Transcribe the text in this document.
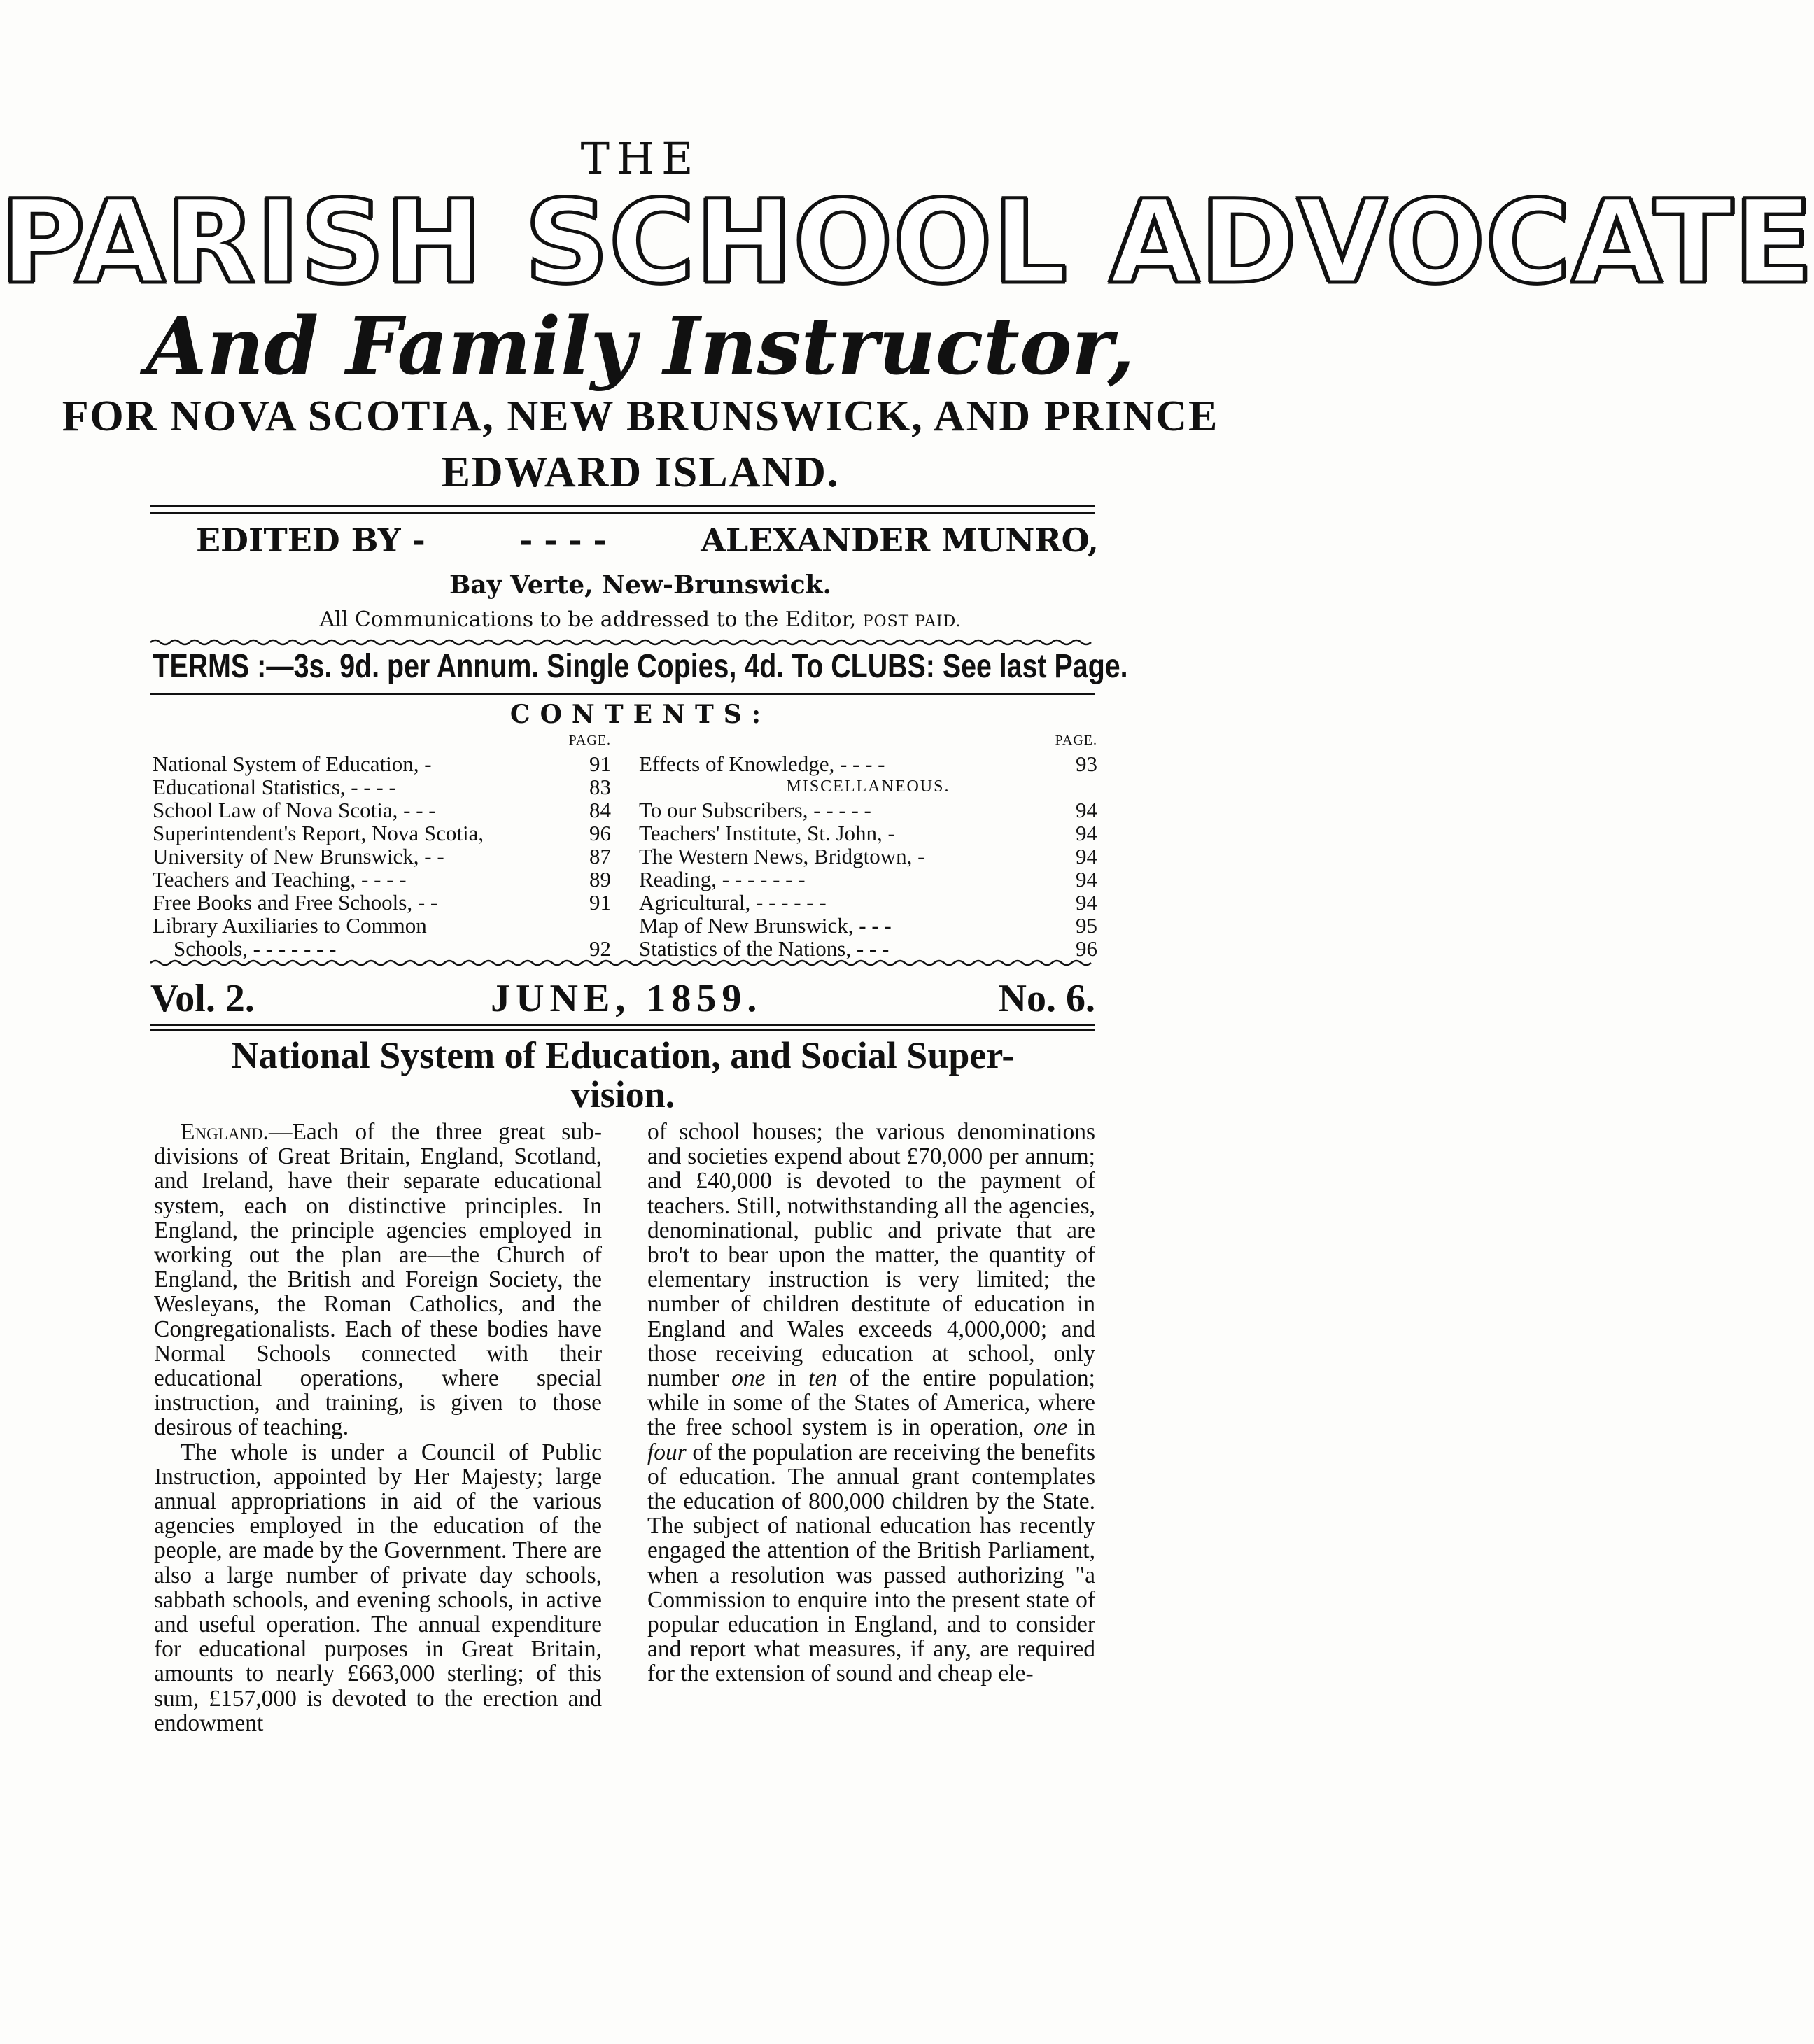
THE
PARISH SCHOOL ADVOCATE
And Family Instructor,
FOR NOVA SCOTIA, NEW BRUNSWICK, AND PRINCE
EDWARD ISLAND.
EDITED BY -	- - - -	ALEXANDER MUNRO,
Bay Verte, New-Brunswick.
All Communications to be addressed to the Editor, POST PAID.
TERMS :—3s. 9d. per Annum. Single Copies, 4d. To CLUBS: See last Page.
CONTENTS:
PAGE.
National System of Education, -	91
Educational Statistics, - - - -	83
School Law of Nova Scotia, - - -	84
Superintendent's Report, Nova Scotia,	96
University of New Brunswick, - -	87
Teachers and Teaching, - - - -	89
Free Books and Free Schools, - -	91
Library Auxiliaries to Common
Schools, - - - - - - -	92
PAGE.
Effects of Knowledge, - - - -	93
MISCELLANEOUS.
To our Subscribers, - - - - -	94
Teachers' Institute, St. John, -	94
The Western News, Bridgtown, -	94
Reading, - - - - - - -	94
Agricultural, - - - - - -	94
Map of New Brunswick, - - -	95
Statistics of the Nations, - - -	96
Vol. 2.	JUNE, 1859.	No. 6.
National System of Education, and Social Super-
vision.

England.—Each of the three great sub-divisions of Great Britain, England, Scotland, and Ireland, have their separate educational system, each on distinctive principles. In England, the principle agencies employed in working out the plan are—the Church of England, the British and Foreign Society, the Wesleyans, the Roman Catholics, and the Congregationalists. Each of these bodies have Normal Schools connected with their educational operations, where special instruction, and training, is given to those desirous of teaching.

The whole is under a Council of Public Instruction, appointed by Her Majesty; large annual appropriations in aid of the various agencies employed in the education of the people, are made by the Government. There are also a large number of private day schools, sabbath schools, and evening schools, in active and useful operation. The annual expenditure for educational purposes in Great Britain, amounts to nearly £663,000 sterling; of this sum, £157,000 is devoted to the erection and endowment

of school houses; the various denominations and societies expend about £70,000 per annum; and £40,000 is devoted to the payment of teachers. Still, notwithstanding all the agencies, denominational, public and private that are bro't to bear upon the matter, the quantity of elementary instruction is very limited; the number of children destitute of education in England and Wales exceeds 4,000,000; and those receiving education at school, only number one in ten of the entire population; while in some of the States of America, where the free school system is in operation, one in four of the population are receiving the benefits of education. The annual grant contemplates the education of 800,000 children by the State. The subject of national education has recently engaged the attention of the British Parliament, when a resolution was passed authorizing "a Commission to enquire into the present state of popular education in England, and to consider and report what measures, if any, are required for the extension of sound and cheap ele-
